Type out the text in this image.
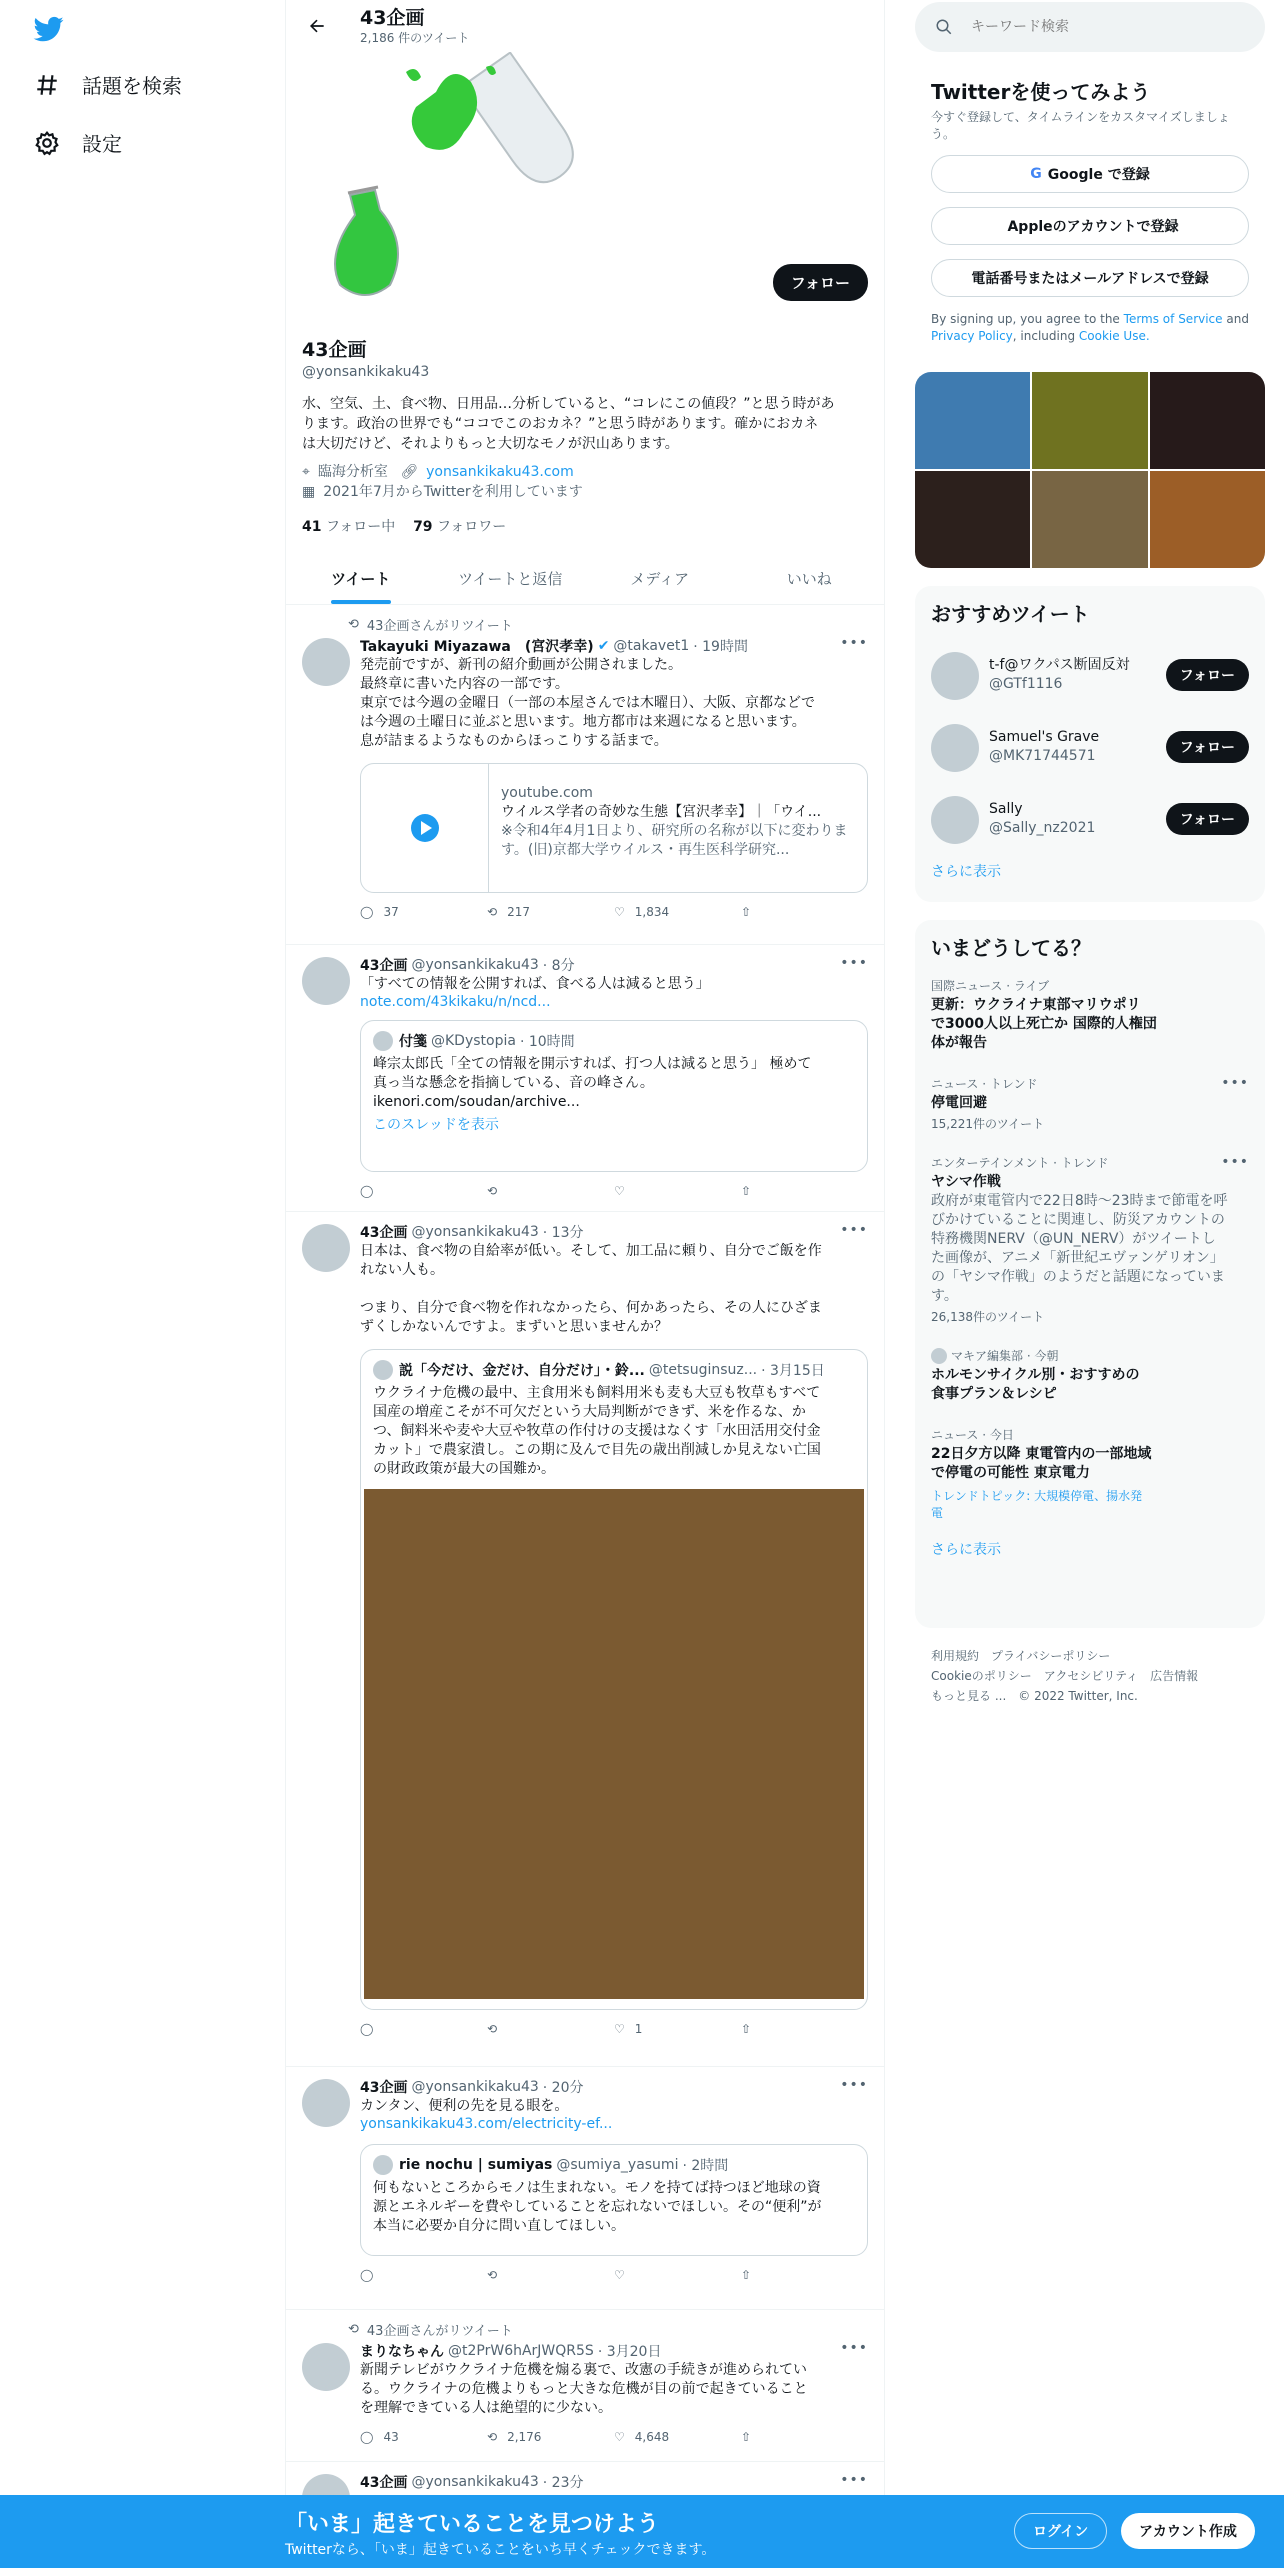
話題を検索
設定
43企画
2,186 件のツイート
フォロー
43企画
@yonsankikaku43
水、空気、土、食べ物、日用品…分析していると、“コレにこの値段？”と思う時があ
ります。政治の世界でも“ココでこのおカネ？”と思う時があります。確かにおカネ
は大切だけど、それよりもっと大切なモノが沢山あります。
⌖ 臨海分析室 🔗︎ yonsankikaku43.com
▦ 2021年7月からTwitterを利用しています
41 フォロー中 79 フォロワー
ツイート	ツイートと返信	メディア	いいね
⟲ 43企画さんがリツイート
•••
Takayuki Miyazawa　(宮沢孝幸) ✔ @takavet1 · 19時間
発売前ですが、新刊の紹介動画が公開されました。
最終章に書いた内容の一部です。
東京では今週の金曜日（一部の本屋さんでは木曜日）、大阪、京都などで
は今週の土曜日に並ぶと思います。地方都市は来週になると思います。
息が詰まるようなものからほっこりする話まで。
youtube.com
ウイルス学者の奇妙な生態【宮沢孝幸】｜「ウイ...
※令和4年4月1日より、研究所の名称が以下に変わります。(旧)京都大学ウイルス・再生医科学研究...
◯ 37	⟲ 217	♡ 1,834	⇧
•••
43企画 @yonsankikaku43 · 8分
「すべての情報を公開すれば、食べる人は減ると思う」
note.com/43kikaku/n/ncd...
付箋 @KDystopia · 10時間
峰宗太郎氏「全ての情報を開示すれば、打つ人は減ると思う」 極めて
真っ当な懸念を指摘している、音の峰さん。
ikenori.com/soudan/archive...
このスレッドを表示
◯	⟲	♡	⇧
•••
43企画 @yonsankikaku43 · 13分
日本は、食べ物の自給率が低い。そして、加工品に頼り、自分でご飯を作
れない人も。

つまり、自分で食べ物を作れなかったら、何かあったら、その人にひざま
ずくしかないんですよ。まずいと思いませんか？
説「今だけ、金だけ、自分だけ」・鈴... @tetsuginsuz... · 3月15日
ウクライナ危機の最中、主食用米も飼料用米も麦も大豆も牧草もすべて
国産の増産こそが不可欠だという大局判断ができず、米を作るな、か
つ、飼料米や麦や大豆や牧草の作付けの支援はなくす「水田活用交付金
カット」で農家潰し。この期に及んで目先の歳出削減しか見えない亡国
の財政政策が最大の国難か。
◯	⟲	♡ 1	⇧
•••
43企画 @yonsankikaku43 · 20分
カンタン、便利の先を見る眼を。
yonsankikaku43.com/electricity-ef...
rie nochu | sumiyas @sumiya_yasumi · 2時間
何もないところからモノは生まれない。モノを持てば持つほど地球の資
源とエネルギーを費やしていることを忘れないでほしい。その“便利”が
本当に必要か自分に問い直してほしい。
◯	⟲	♡	⇧
⟲ 43企画さんがリツイート
•••
まりなちゃん @t2PrW6hArJWQR5S · 3月20日
新聞テレビがウクライナ危機を煽る裏で、改憲の手続きが進められてい
る。ウクライナの危機よりもっと大きな危機が目の前で起きていること
を理解できている人は絶望的に少ない。
◯ 43	⟲ 2,176	♡ 4,648	⇧
•••
43企画 @yonsankikaku43 · 23分
キーワード検索
Twitterを使ってみよう
今すぐ登録して、タイムラインをカスタマイズしましょう。
G Google で登録
Appleのアカウントで登録
電話番号またはメールアドレスで登録
By signing up, you agree to the Terms of Service and Privacy Policy, including Cookie Use.
おすすめツイート
t-f@ワクパス断固反対
@GTf1116	フォロー
Samuel's Grave
@MK71744571	フォロー
Sally
@Sally_nz2021	フォロー
さらに表示
いまどうしてる？
国際ニュース · ライブ
更新：ウクライナ東部マリウポリ
で3000人以上死亡か 国際的人権団
体が報告
•••
ニュース · トレンド
停電回避
15,221件のツイート
•••
エンターテインメント · トレンド
ヤシマ作戦
政府が東電管内で22日8時～23時まで節電を呼
びかけていることに関連し、防災アカウントの
特務機関NERV（@UN_NERV）がツイートし
た画像が、アニメ「新世紀エヴァンゲリオン」
の「ヤシマ作戦」のようだと話題になっていま
す。
26,138件のツイート
マキア編集部 · 今朝
ホルモンサイクル別・おすすめの
食事プラン＆レシピ
ニュース · 今日
22日夕方以降 東電管内の一部地域
で停電の可能性 東京電力
トレンドトピック: 大規模停電、揚水発
電
さらに表示
利用規約　プライバシーポリシー
Cookieのポリシー　アクセシビリティ　広告情報
もっと見る ...　© 2022 Twitter, Inc.
「いま」起きていることを見つけよう
Twitterなら、「いま」起きていることをいち早くチェックできます。
ログイン	アカウント作成
